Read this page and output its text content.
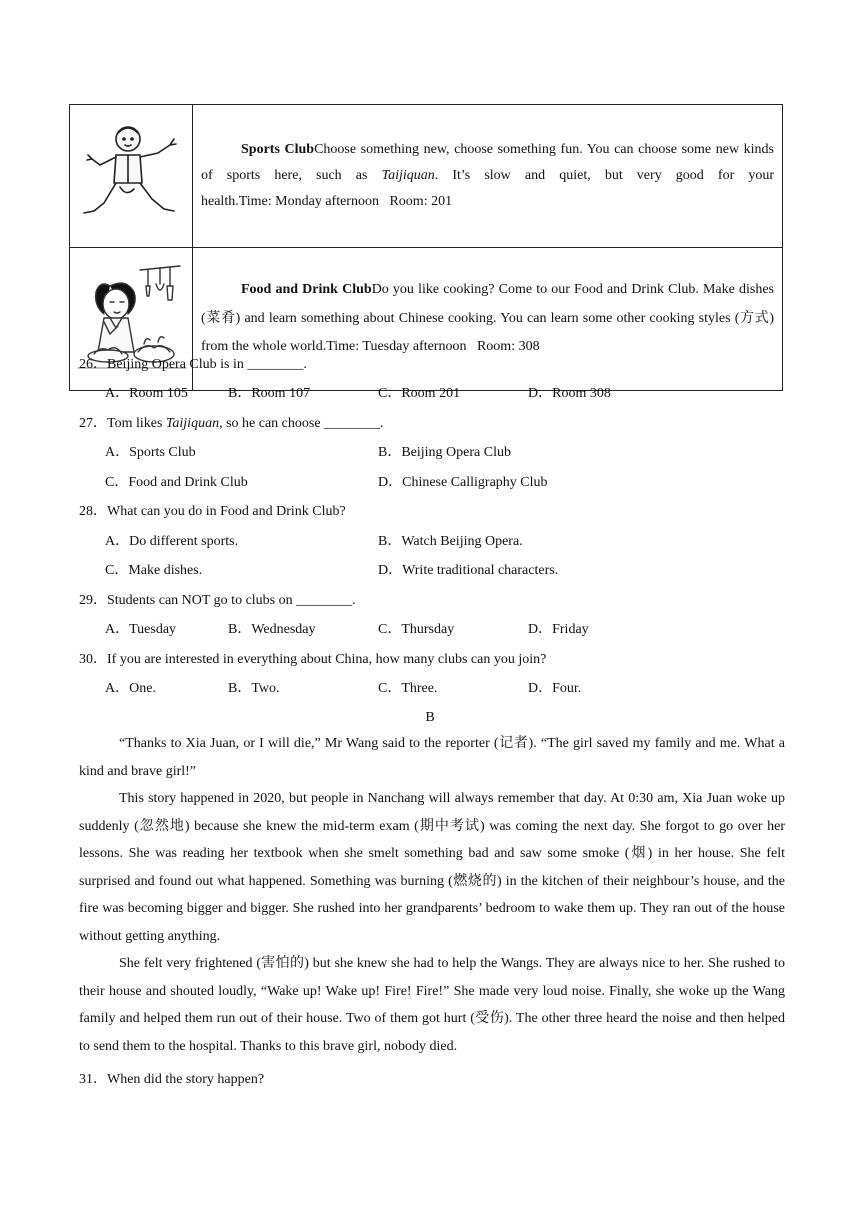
	Sports ClubChoose something new, choose something fun. You can choose some new kinds of sports here, such as Taijiquan. It’s slow and quiet, but very good for your health.Time: Monday afternoon   Room: 201
	Food and Drink ClubDo you like cooking? Come to our Food and Drink Club. Make dishes (菜肴) and learn something about Chinese cooking. You can learn some other cooking styles (方式) from the whole world.Time: Tuesday afternoon   Room: 308
26．Beijing Opera Club is in ________.
A．Room 105	B．Room 107	C．Room 201	D．Room 308
27．Tom likes Taijiquan, so he can choose ________.
A．Sports Club	B．Beijing Opera Club
C．Food and Drink Club	D．Chinese Calligraphy Club
28．What can you do in Food and Drink Club?
A．Do different sports.	B．Watch Beijing Opera.
C．Make dishes.	D．Write traditional characters.
29．Students can NOT go to clubs on ________.
A．Tuesday	B．Wednesday	C．Thursday	D．Friday
30．If you are interested in everything about China, how many clubs can you join?
A．One.	B．Two.	C．Three.	D．Four.
B

“Thanks to Xia Juan, or I will die,” Mr Wang said to the reporter (记者). “The girl saved my family and me. What a kind and brave girl!”

This story happened in 2020, but people in Nanchang will always remember that day. At 0:30 am, Xia Juan woke up suddenly (忽然地) because she knew the mid-term exam (期中考试) was coming the next day. She forgot to go over her lessons. She was reading her textbook when she smelt something bad and saw some smoke (烟) in her house. She felt surprised and found out what happened. Something was burning (燃烧的) in the kitchen of their neighbour’s house, and the fire was becoming bigger and bigger. She rushed into her grandparents’ bedroom to wake them up. They ran out of the house without getting anything.

She felt very frightened (害怕的) but she knew she had to help the Wangs. They are always nice to her. She rushed to their house and shouted loudly, “Wake up! Wake up! Fire! Fire!” She made very loud noise. Finally, she woke up the Wang family and helped them run out of their house. Two of them got hurt (受伤). The other three heard the noise and then helped to send them to the hospital. Thanks to this brave girl, nobody died.

31．When did the story happen?
